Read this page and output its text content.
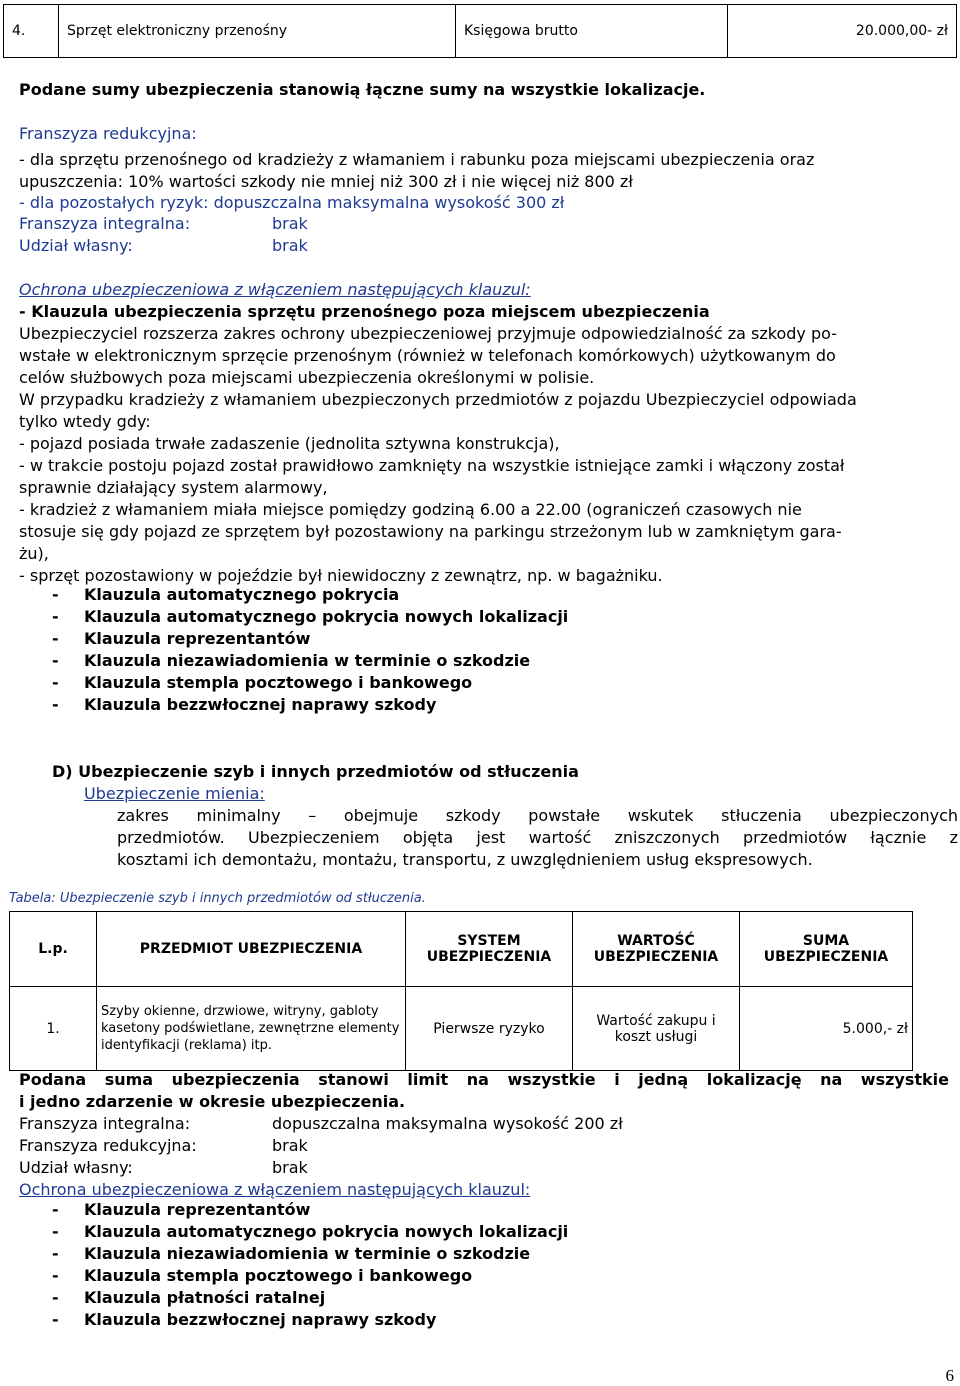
4.	Sprzęt elektroniczny przenośny	Księgowa brutto	20.000,00- zł
Podane sumy ubezpieczenia stanowią łączne sumy na wszystkie lokalizacje.
Franszyza redukcyjna:
- dla sprzętu przenośnego od kradzieży z włamaniem i rabunku poza miejscami ubezpieczenia oraz
upuszczenia: 10% wartości szkody nie mniej niż 300 zł i nie więcej niż 800 zł
- dla pozostałych ryzyk: dopuszczalna maksymalna wysokość 300 zł
Franszyza integralna:	brak
Udział własny:	brak
Ochrona ubezpieczeniowa z włączeniem następujących klauzul:
- Klauzula ubezpieczenia sprzętu przenośnego poza miejscem ubezpieczenia
Ubezpieczyciel rozszerza zakres ochrony ubezpieczeniowej przyjmuje odpowiedzialność za szkody po-
wstałe w elektronicznym sprzęcie przenośnym (również w telefonach komórkowych) użytkowanym do
celów służbowych poza miejscami ubezpieczenia określonymi w polisie.
W przypadku kradzieży z włamaniem ubezpieczonych przedmiotów z pojazdu Ubezpieczyciel odpowiada
tylko wtedy gdy:
- pojazd posiada trwałe zadaszenie (jednolita sztywna konstrukcja),
- w trakcie postoju pojazd został prawidłowo zamknięty na wszystkie istniejące zamki i włączony został
sprawnie działający system alarmowy,
- kradzież z włamaniem miała miejsce pomiędzy godziną 6.00 a 22.00 (ograniczeń czasowych nie
stosuje się gdy pojazd ze sprzętem był pozostawiony na parkingu strzeżonym lub w zamkniętym gara-
żu),
- sprzęt pozostawiony w pojeździe był niewidoczny z zewnątrz, np. w bagażniku.
- Klauzula automatycznego pokrycia
- Klauzula automatycznego pokrycia nowych lokalizacji
- Klauzula reprezentantów
- Klauzula niezawiadomienia w terminie o szkodzie
- Klauzula stempla pocztowego i bankowego
- Klauzula bezzwłocznej naprawy szkody
D) Ubezpieczenie szyb i innych przedmiotów od stłuczenia
Ubezpieczenie mienia:
zakres minimalny – obejmuje szkody powstałe wskutek stłuczenia ubezpieczonych
przedmiotów. Ubezpieczeniem objęta jest wartość zniszczonych przedmiotów łącznie z
kosztami ich demontażu, montażu, transportu, z uwzględnieniem usług ekspresowych.
Tabela: Ubezpieczenie szyb i innych przedmiotów od stłuczenia.
L.p.	PRZEDMIOT UBEZPIECZENIA	SYSTEM UBEZPIECZENIA	WARTOŚĆ UBEZPIECZENIA	SUMA UBEZPIECZENIA
1.	Szyby okienne, drzwiowe, witryny, gabloty kasetony podświetlane, zewnętrzne elementy identyfikacji (reklama) itp.	Pierwsze ryzyko	Wartość zakupu i koszt usługi	5.000,- zł
Podana suma ubezpieczenia stanowi limit na wszystkie i jedną lokalizację na wszystkie
i jedno zdarzenie w okresie ubezpieczenia.
Franszyza integralna:	dopuszczalna maksymalna wysokość 200 zł
Franszyza redukcyjna:	brak
Udział własny:	brak
Ochrona ubezpieczeniowa z włączeniem następujących klauzul:
- Klauzula reprezentantów
- Klauzula automatycznego pokrycia nowych lokalizacji
- Klauzula niezawiadomienia w terminie o szkodzie
- Klauzula stempla pocztowego i bankowego
- Klauzula płatności ratalnej
- Klauzula bezzwłocznej naprawy szkody
6
